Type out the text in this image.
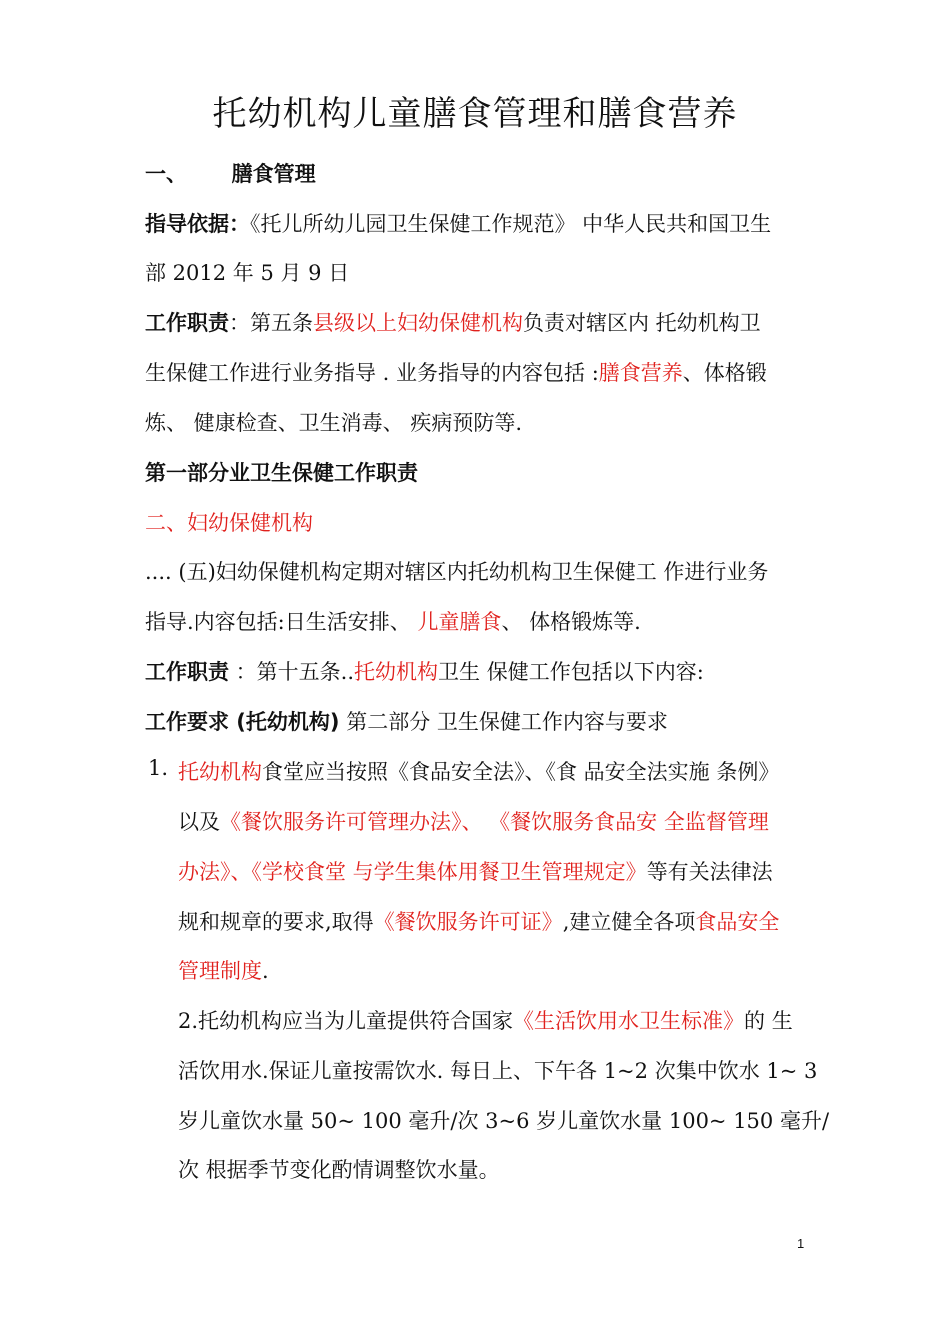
托幼机构儿童膳食管理和膳食营养
一、 膳食管理
指导依据：《托儿所幼儿园卫生保健工作规范》 中华人民共和国卫生
部 2012 年 5 月 9 日
工作职责：第五条县级以上妇幼保健机构负责对辖区内 托幼机构卫
生保健工作进行业务指导 . 业务指导的内容包括 :膳食营养、体格锻
炼、 健康检查、卫生消毒、 疾病预防等.
第一部分业卫生保健工作职责
二、妇幼保健机构
.... (五)妇幼保健机构定期对辖区内托幼机构卫生保健工 作进行业务
指导.内容包括:日生活安排、 儿童膳食、 体格锻炼等.
工作职责 ：第十五条..托幼机构卫生 保健工作包括以下内容:
工作要求 (托幼机构) 第二部分 卫生保健工作内容与要求
1. 托幼机构食堂应当按照《食品安全法》、《食 品安全法实施 条例》
以及《餐饮服务许可管理办法》、 《餐饮服务食品安 全监督管理
办法》、《学校食堂 与学生集体用餐卫生管理规定》等有关法律法
规和规章的要求,取得《餐饮服务许可证》,建立健全各项食品安全
管理制度.
2.托幼机构应当为儿童提供符合国家《生活饮用水卫生标准》的 生
活饮用水.保证儿童按需饮水. 每日上、下午各 1~2 次集中饮水 1~ 3
岁儿童饮水量 50~ 100 毫升/次 3~6 岁儿童饮水量 100~ 150 毫升/
次 根据季节变化酌情调整饮水量。
1
